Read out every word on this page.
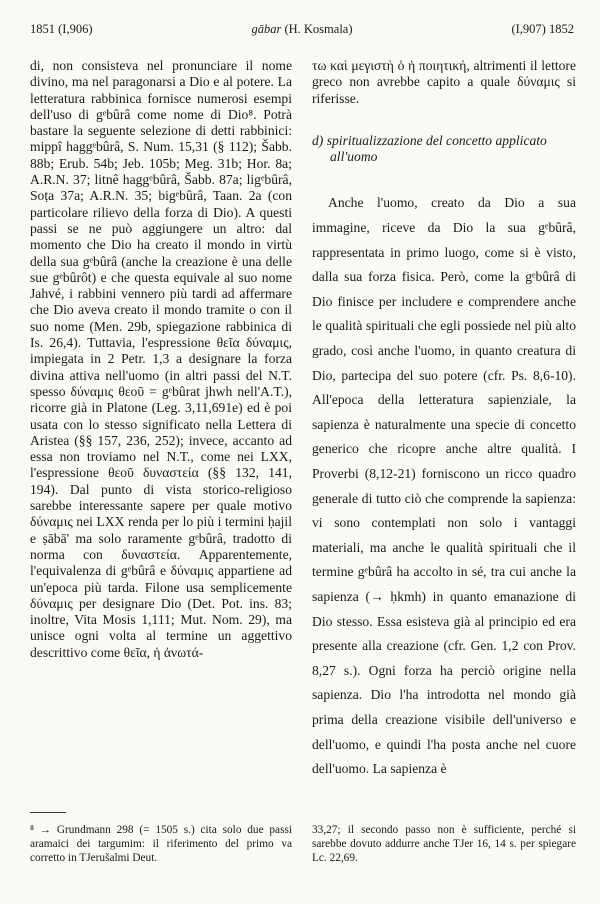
1851 (I,906)	gābar (H. Kosmala)	(I,907) 1852

di, non consisteva nel pronunciare il nome divino, ma nel paragonarsi a Dio e al potere. La letteratura rabbinica fornisce numerosi esempi dell'uso di gᵉbûrâ come nome di Dio⁸. Potrà bastare la seguente selezione di detti rabbinici: mippî haggᵉbûrâ, S. Num. 15,31 (§ 112); Šabb. 88b; Erub. 54b; Jeb. 105b; Meg. 31b; Hor. 8a; A.R.N. 37; litnê haggᵉbûrâ, Šabb. 87a; ligᵉbûrâ, Soṭa 37a; A.R.N. 35; bigᵉbûrâ, Taan. 2a (con particolare rilievo della forza di Dio). A questi passi se ne può aggiungere un altro: dal momento che Dio ha creato il mondo in virtù della sua gᵉbûrâ (anche la creazione è una delle sue gᵉbûrôt) e che questa equivale al suo nome Jahvé, i rabbini vennero più tardi ad affermare che Dio aveva creato il mondo tramite o con il suo nome (Men. 29b, spiegazione rabbinica di Is. 26,4). Tuttavia, l'espressione θεῖα δύναμις, impiegata in 2 Petr. 1,3 a designare la forza divina attiva nell'uomo (in altri passi del N.T. spesso δύναμις θεοῦ = gᵉbûrat jhwh nell'A.T.), ricorre già in Platone (Leg. 3,11,691e) ed è poi usata con lo stesso significato nella Lettera di Aristea (§§ 157, 236, 252); invece, accanto ad essa non troviamo nel N.T., come nei LXX, l'espressione θεοῦ δυναστεία (§§ 132, 141, 194). Dal punto di vista storico-religioso sarebbe interessante sapere per quale motivo δύναμις nei LXX renda per lo più i termini ḥajil e ṣābā' ma solo raramente gᵉbûrâ, tradotto di norma con δυναστεία. Apparentemente, l'equivalenza di gᵉbûrâ e δύναμις appartiene ad un'epoca più tarda. Filone usa semplicemente δύναμις per designare Dio (Det. Pot. ins. 83; inoltre, Vita Mosis 1,111; Mut. Nom. 29), ma unisce ogni volta al termine un aggettivo descrittivo come θεῖα, ἡ ἀνωτά-

τω καὶ μεγιστὴ ὁ ἡ ποιητική, altrimenti il lettore greco non avrebbe capito a quale δύναμις si riferisse.

d) spiritualizzazione del concetto applicato all'uomo

Anche l'uomo, creato da Dio a sua immagine, riceve da Dio la sua gᵉbûrâ, rappresentata in primo luogo, come si è visto, dalla sua forza fisica. Però, come la gᵉbûrâ di Dio finisce per includere e comprendere anche le qualità spirituali che egli possiede nel più alto grado, così anche l'uomo, in quanto creatura di Dio, partecipa del suo potere (cfr. Ps. 8,6-10). All'epoca della letteratura sapienziale, la sapienza è naturalmente una specie di concetto generico che ricopre anche altre qualità. I Proverbi (8,12-21) forniscono un ricco quadro generale di tutto ciò che comprende la sapienza: vi sono contemplati non solo i vantaggi materiali, ma anche le qualità spirituali che il termine gᵉbûrâ ha accolto in sé, tra cui anche la sapienza (→ ḥkmh) in quanto emanazione di Dio stesso. Essa esisteva già al principio ed era presente alla creazione (cfr. Gen. 1,2 con Prov. 8,27 s.). Ogni forza ha perciò origine nella sapienza. Dio l'ha introdotta nel mondo già prima della creazione visibile dell'universo e dell'uomo, e quindi l'ha posta anche nel cuore dell'uomo. La sapienza è

⁸ → Grundmann 298 (= 1505 s.) cita solo due passi aramaici dei targumim: il riferimento del primo va corretto in TJerušalmi Deut.
33,27; il secondo passo non è sufficiente, perché si sarebbe dovuto addurre anche TJer 16, 14 s. per spiegare Lc. 22,69.
